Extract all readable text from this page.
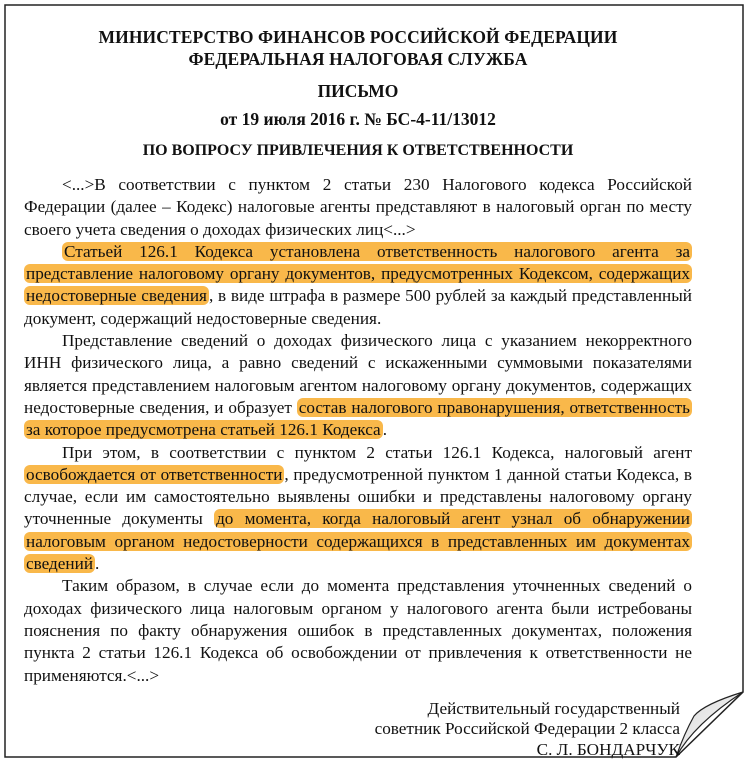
МИНИСТЕРСТВО ФИНАНСОВ РОССИЙСКОЙ ФЕДЕРАЦИИ

ФЕДЕРАЛЬНАЯ НАЛОГОВАЯ СЛУЖБА

ПИСЬМО

от 19 июля 2016 г. № БС-4-11/13012

ПО ВОПРОСУ ПРИВЛЕЧЕНИЯ К ОТВЕТСТВЕННОСТИ

<...>В соответствии с пунктом 2 статьи 230 Налогового кодекса Российской Федерации (далее – Кодекс) налоговые агенты представляют в налоговый орган по месту своего учета сведения о доходах физических лиц<...>

Статьей 126.1 Кодекса установлена ответственность налогового агента за представление налоговому органу документов, предусмотренных Кодексом, содержащих недостоверные сведения , в виде штрафа в размере 500 рублей за каждый представленный документ, содержащий недостоверные сведения.

Представление сведений о доходах физического лица с указанием некорректного ИНН физического лица, а равно сведений с искаженными суммовыми показателями является представлением налоговым агентом налоговому органу документов, содержащих недостоверные сведения, и образует состав налогового правонарушения, ответственность за которое предусмотрена статьей 126.1 Кодекса .

При этом, в соответствии с пунктом 2 статьи 126.1 Кодекса, налоговый агент освобождается от ответственности , предусмотренной пунктом 1 данной статьи Кодекса, в случае, если им самостоятельно выявлены ошибки и представлены налоговому органу уточненные документы до момента, когда налоговый агент узнал об обнаружении налоговым органом недостоверности содержащихся в представленных им документах сведений .

Таким образом, в случае если до момента представления уточненных сведений о доходах физического лица налоговым органом у налогового агента были истребованы пояснения по факту обнаружения ошибок в представленных документах, положения пункта 2 статьи 126.1 Кодекса об освобождении от привлечения к ответственности не применяются.<...>

Действительный государственный
советник Российской Федерации 2 класса
С. Л. БОНДАРЧУК
